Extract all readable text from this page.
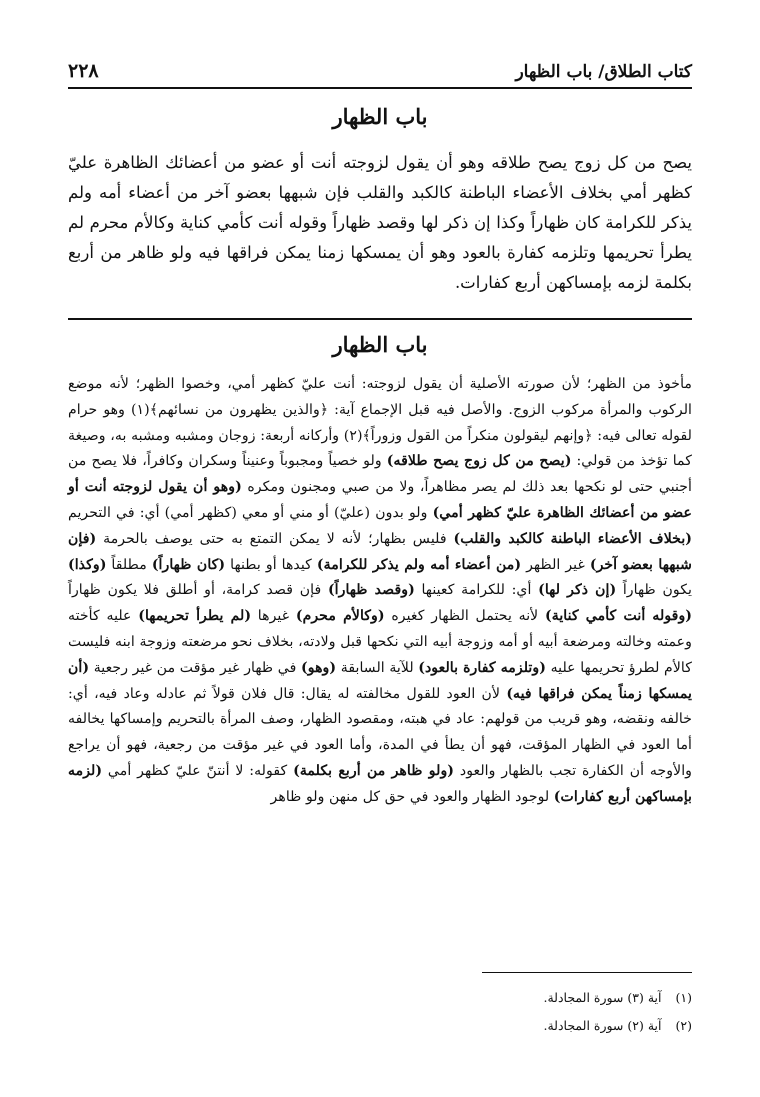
كتاب الطلاق/ باب الظهار
٢٢٨
باب الظهار

يصح من كل زوج يصح طلاقه وهو أن يقول لزوجته أنت أو عضو من أعضائك الظاهرة عليّ كظهر أمي بخلاف الأعضاء الباطنة كالكبد والقلب فإن شبهها بعضو آخر من أعضاء أمه ولم يذكر للكرامة كان ظهاراً وكذا إن ذكر لها وقصد ظهاراً وقوله أنت كأمي كناية وكالأم محرم لم يطرأ تحريمها وتلزمه كفارة بالعود وهو أن يمسكها زمنا يمكن فراقها فيه ولو ظاهر من أربع بكلمة لزمه بإمساكهن أربع كفارات.

باب الظهار

مأخوذ من الظهر؛ لأن صورته الأصلية أن يقول لزوجته: أنت عليّ كظهر أمي، وخصوا الظهر؛ لأنه موضع الركوب والمرأة مركوب الزوج. والأصل فيه قبل الإجماع آية: ﴿والذين يظهرون من نسائهم﴾(١) وهو حرام لقوله تعالى فيه: ﴿وإنهم ليقولون منكراً من القول وزوراً﴾(٢) وأركانه أربعة: زوجان ومشبه ومشبه به، وصيغة كما تؤخذ من قولي: (يصح من كل زوج يصح طلاقه) ولو خصياً ومجبوباً وعنيناً وسكران وكافراً، فلا يصح من أجنبي حتى لو نكحها بعد ذلك لم يصر مظاهراً، ولا من صبي ومجنون ومكره (وهو أن يقول لزوجته أنت أو عضو من أعضائك الظاهرة عليّ كظهر أمي) ولو بدون (عليّ) أو مني أو معي (كظهر أمي) أي: في التحريم (بخلاف الأعضاء الباطنة كالكبد والقلب) فليس بظهار؛ لأنه لا يمكن التمتع به حتى يوصف بالحرمة (فإن شبهها بعضو آخر) غير الظهر (من أعضاء أمه ولم يذكر للكرامة) كيدها أو بطنها (كان ظهاراً) مطلقاً (وكذا) يكون ظهاراً (إن ذكر لها) أي: للكرامة كعينها (وقصد ظهاراً) فإن قصد كرامة، أو أطلق فلا يكون ظهاراً (وقوله أنت كأمي كناية) لأنه يحتمل الظهار كغيره (وكالأم محرم) غيرها (لم يطرأ تحريمها) عليه كأخته وعمته وخالته ومرضعة أبيه أو أمه وزوجة أبيه التي نكحها قبل ولادته، بخلاف نحو مرضعته وزوجة ابنه فليست كالأم لطرؤ تحريمها عليه (وتلزمه كفارة بالعود) للآية السابقة (وهو) في ظهار غير مؤقت من غير رجعية (أن يمسكها زمناً يمكن فراقها فيه) لأن العود للقول مخالفته له يقال: قال فلان قولاً ثم عادله وعاد فيه، أي: خالفه ونقضه، وهو قريب من قولهم: عاد في هبته، ومقصود الظهار، وصف المرأة بالتحريم وإمساكها يخالفه أما العود في الظهار المؤقت، فهو أن يطأ في المدة، وأما العود في غير مؤقت من رجعية، فهو أن يراجع والأوجه أن الكفارة تجب بالظهار والعود (ولو ظاهر من أربع بكلمة) كقوله: لا أنتنّ عليّ كظهر أمي (لزمه بإمساكهن أربع كفارات) لوجود الظهار والعود في حق كل منهن ولو ظاهر

(١)
آية (٣) سورة المجادلة.
(٢)
آية (٢) سورة المجادلة.
